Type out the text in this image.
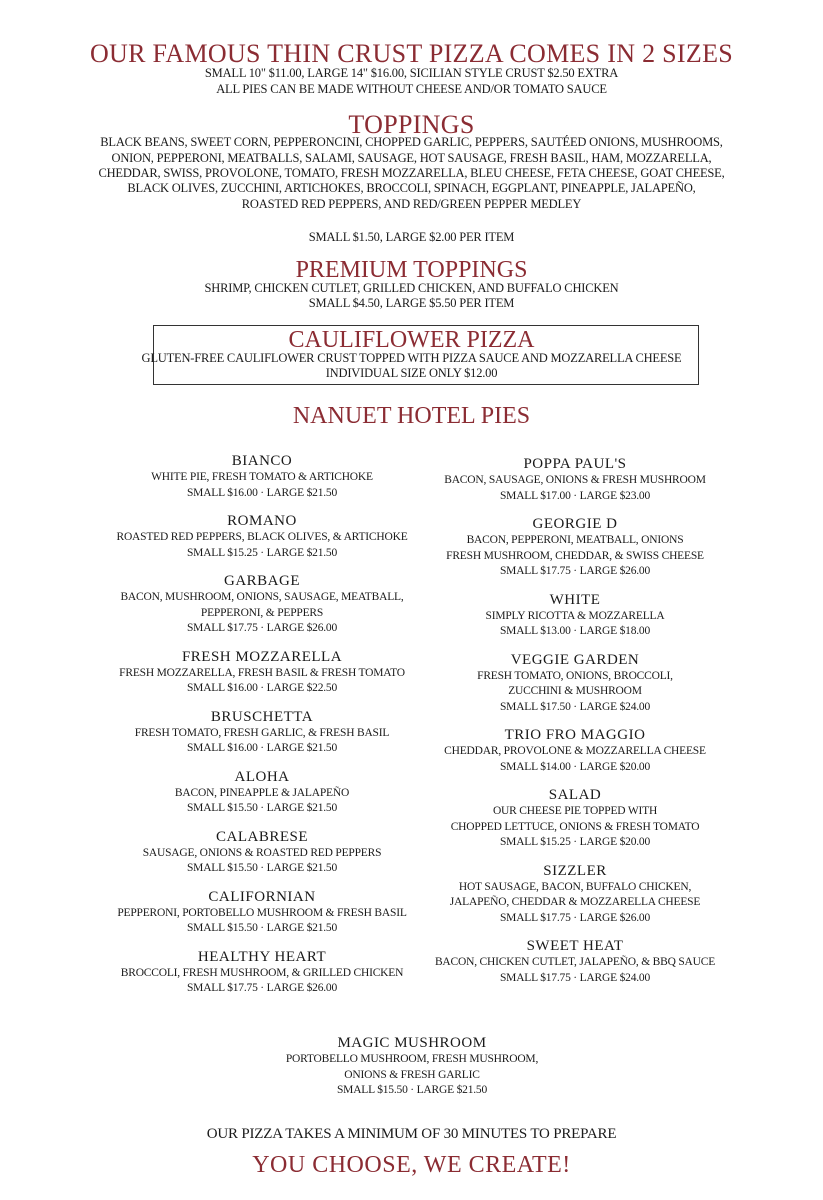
OUR FAMOUS THIN CRUST PIZZA COMES IN 2 SIZES
SMALL 10" $11.00, LARGE 14" $16.00, SICILIAN STYLE CRUST $2.50 EXTRA
ALL PIES CAN BE MADE WITHOUT CHEESE AND/OR TOMATO SAUCE
TOPPINGS
BLACK BEANS, SWEET CORN, PEPPERONCINI, CHOPPED GARLIC, PEPPERS, SAUTÉED ONIONS, MUSHROOMS,
ONION, PEPPERONI, MEATBALLS, SALAMI, SAUSAGE, HOT SAUSAGE, FRESH BASIL, HAM, MOZZARELLA,
CHEDDAR, SWISS, PROVOLONE, TOMATO, FRESH MOZZARELLA, BLEU CHEESE, FETA CHEESE, GOAT CHEESE,
BLACK OLIVES, ZUCCHINI, ARTICHOKES, BROCCOLI, SPINACH, EGGPLANT, PINEAPPLE, JALAPEÑO,
ROASTED RED PEPPERS, AND RED/GREEN PEPPER MEDLEY
SMALL $1.50, LARGE $2.00 PER ITEM
PREMIUM TOPPINGS
SHRIMP, CHICKEN CUTLET, GRILLED CHICKEN, AND BUFFALO CHICKEN
SMALL $4.50, LARGE $5.50 PER ITEM
CAULIFLOWER PIZZA
GLUTEN-FREE CAULIFLOWER CRUST TOPPED WITH PIZZA SAUCE AND MOZZARELLA CHEESE
INDIVIDUAL SIZE ONLY $12.00
NANUET HOTEL PIES
BIANCO
WHITE PIE, FRESH TOMATO & ARTICHOKE
SMALL $16.00 · LARGE $21.50
ROMANO
ROASTED RED PEPPERS, BLACK OLIVES, & ARTICHOKE
SMALL $15.25 · LARGE $21.50
GARBAGE
BACON, MUSHROOM, ONIONS, SAUSAGE, MEATBALL,
PEPPERONI, & PEPPERS
SMALL $17.75 · LARGE $26.00
FRESH MOZZARELLA
FRESH MOZZARELLA, FRESH BASIL & FRESH TOMATO
SMALL $16.00 · LARGE $22.50
BRUSCHETTA
FRESH TOMATO, FRESH GARLIC, & FRESH BASIL
SMALL $16.00 · LARGE $21.50
ALOHA
BACON, PINEAPPLE & JALAPEÑO
SMALL $15.50 · LARGE $21.50
CALABRESE
SAUSAGE, ONIONS & ROASTED RED PEPPERS
SMALL $15.50 · LARGE $21.50
CALIFORNIAN
PEPPERONI, PORTOBELLO MUSHROOM & FRESH BASIL
SMALL $15.50 · LARGE $21.50
HEALTHY HEART
BROCCOLI, FRESH MUSHROOM, & GRILLED CHICKEN
SMALL $17.75 · LARGE $26.00
POPPA PAUL'S
BACON, SAUSAGE, ONIONS & FRESH MUSHROOM
SMALL $17.00 · LARGE $23.00
GEORGIE D
BACON, PEPPERONI, MEATBALL, ONIONS
FRESH MUSHROOM, CHEDDAR, & SWISS CHEESE
SMALL $17.75 · LARGE $26.00
WHITE
SIMPLY RICOTTA & MOZZARELLA
SMALL $13.00 · LARGE $18.00
VEGGIE GARDEN
FRESH TOMATO, ONIONS, BROCCOLI,
ZUCCHINI & MUSHROOM
SMALL $17.50 · LARGE $24.00
TRIO FRO MAGGIO
CHEDDAR, PROVOLONE & MOZZARELLA CHEESE
SMALL $14.00 · LARGE $20.00
SALAD
OUR CHEESE PIE TOPPED WITH
CHOPPED LETTUCE, ONIONS & FRESH TOMATO
SMALL $15.25 · LARGE $20.00
SIZZLER
HOT SAUSAGE, BACON, BUFFALO CHICKEN,
JALAPEÑO, CHEDDAR & MOZZARELLA CHEESE
SMALL $17.75 · LARGE $26.00
SWEET HEAT
BACON, CHICKEN CUTLET, JALAPEÑO, & BBQ SAUCE
SMALL $17.75 · LARGE $24.00
MAGIC MUSHROOM
PORTOBELLO MUSHROOM, FRESH MUSHROOM,
ONIONS & FRESH GARLIC
SMALL $15.50 · LARGE $21.50
OUR PIZZA TAKES A MINIMUM OF 30 MINUTES TO PREPARE
YOU CHOOSE, WE CREATE!
